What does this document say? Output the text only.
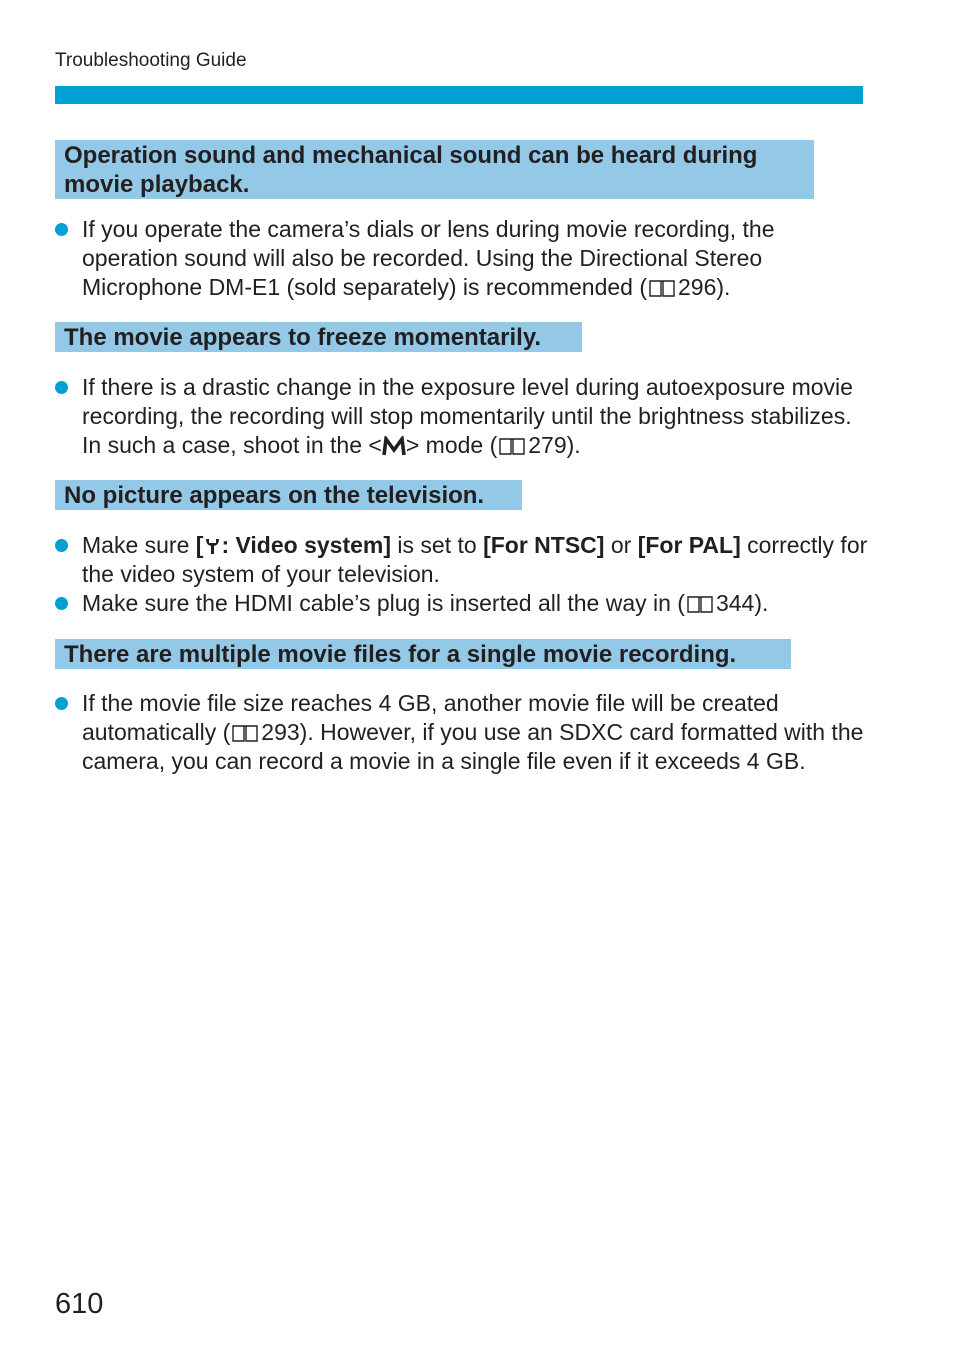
Troubleshooting Guide
Operation sound and mechanical sound can be heard during movie playback.
If you operate the camera’s dials or lens during movie recording, the operation sound will also be recorded. Using the Directional Stereo Microphone DM-E1 (sold separately) is recommended ( 296).
The movie appears to freeze momentarily.
If there is a drastic change in the exposure level during autoexposure movie recording, the recording will stop momentarily until the brightness stabilizes. In such a case, shoot in the < > mode ( 279).
No picture appears on the television.
Make sure [ : Video system] is set to [For NTSC] or [For PAL] correctly for the video system of your television.
Make sure the HDMI cable’s plug is inserted all the way in ( 344).
There are multiple movie files for a single movie recording.
If the movie file size reaches 4 GB, another movie file will be created automatically ( 293). However, if you use an SDXC card formatted with the camera, you can record a movie in a single file even if it exceeds 4 GB.
610
